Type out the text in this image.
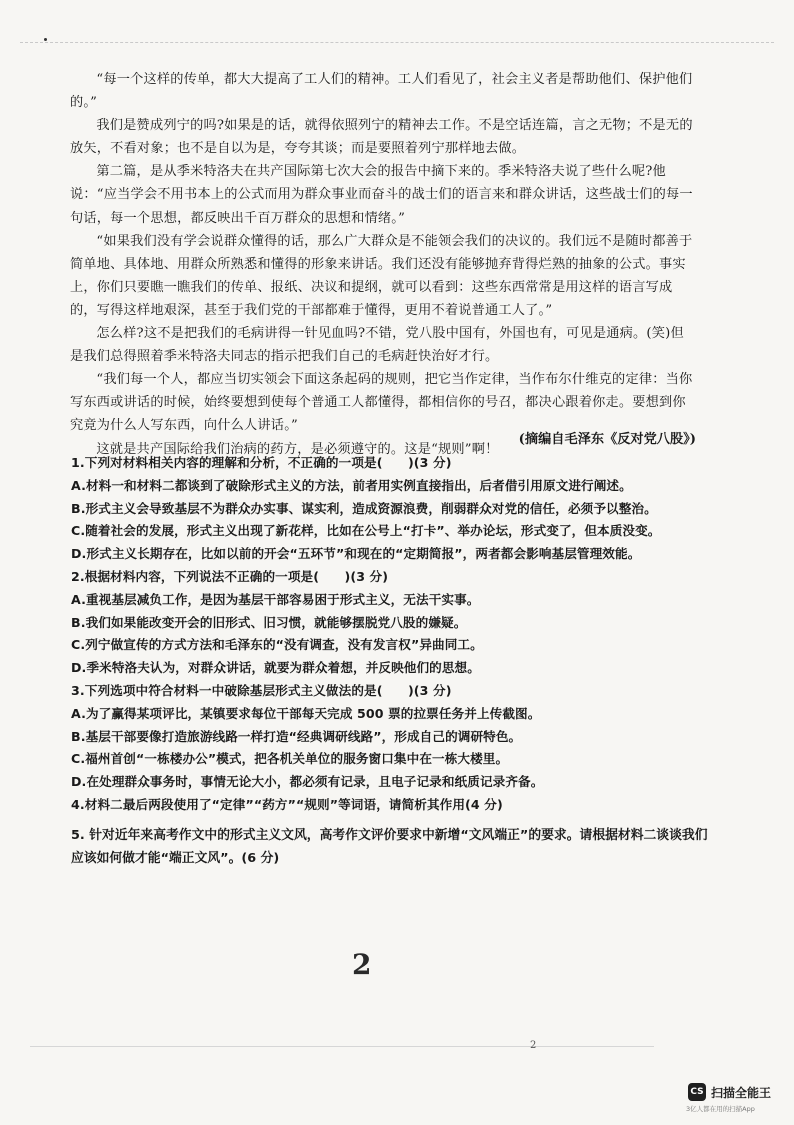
“每一个这样的传单，都大大提高了工人们的精神。工人们看见了，社会主义者是帮助他们、保护他们的。”

我们是赞成列宁的吗?如果是的话，就得依照列宁的精神去工作。不是空话连篇，言之无物；不是无的放矢，不看对象；也不是自以为是，夸夸其谈；而是要照着列宁那样地去做。

第二篇，是从季米特洛夫在共产国际第七次大会的报告中摘下来的。季米特洛夫说了些什么呢?他说：“应当学会不用书本上的公式而用为群众事业而奋斗的战士们的语言来和群众讲话，这些战士们的每一句话，每一个思想，都反映出千百万群众的思想和情绪。”

“如果我们没有学会说群众懂得的话，那么广大群众是不能领会我们的决议的。我们远不是随时都善于简单地、具体地、用群众所熟悉和懂得的形象来讲话。我们还没有能够抛弃背得烂熟的抽象的公式。事实上，你们只要瞧一瞧我们的传单、报纸、决议和提纲，就可以看到：这些东西常常是用这样的语言写成的，写得这样地艰深，甚至于我们党的干部都难于懂得，更用不着说普通工人了。”

怎么样?这不是把我们的毛病讲得一针见血吗?不错，党八股中国有，外国也有，可见是通病。(笑)但是我们总得照着季米特洛夫同志的指示把我们自己的毛病赶快治好才行。

“我们每一个人，都应当切实领会下面这条起码的规则，把它当作定律，当作布尔什维克的定律：当你写东西或讲话的时候，始终要想到使每个普通工人都懂得，都相信你的号召，都决心跟着你走。要想到你究竟为什么人写东西，向什么人讲话。”

这就是共产国际给我们治病的药方，是必须遵守的。这是“规则”啊！

(摘编自毛泽东《反对党八股》)

1.下列对材料相关内容的理解和分析，不正确的一项是(　　)(3 分)

A.材料一和材料二都谈到了破除形式主义的方法，前者用实例直接指出，后者借引用原文进行阐述。

B.形式主义会导致基层不为群众办实事、谋实利，造成资源浪费，削弱群众对党的信任，必须予以整治。

C.随着社会的发展，形式主义出现了新花样，比如在公号上“打卡”、举办论坛，形式变了，但本质没变。

D.形式主义长期存在，比如以前的开会“五环节”和现在的“定期简报”，两者都会影响基层管理效能。

2.根据材料内容，下列说法不正确的一项是(　　)(3 分)

A.重视基层减负工作，是因为基层干部容易困于形式主义，无法干实事。

B.我们如果能改变开会的旧形式、旧习惯，就能够摆脱党八股的嫌疑。

C.列宁做宣传的方式方法和毛泽东的“没有调查，没有发言权”异曲同工。

D.季米特洛夫认为，对群众讲话，就要为群众着想，并反映他们的思想。

3.下列选项中符合材料一中破除基层形式主义做法的是(　　)(3 分)

A.为了赢得某项评比，某镇要求每位干部每天完成 500 票的拉票任务并上传截图。

B.基层干部要像打造旅游线路一样打造“经典调研线路”，形成自己的调研特色。

C.福州首创“一栋楼办公”模式，把各机关单位的服务窗口集中在一栋大楼里。

D.在处理群众事务时，事情无论大小，都必须有记录，且电子记录和纸质记录齐备。

4.材料二最后两段使用了“定律”“药方”“规则”等词语，请简析其作用(4 分)

5. 针对近年来高考作文中的形式主义文风，高考作文评价要求中新增“文风端正”的要求。请根据材料二谈谈我们应该如何做才能“端正文风”。(6 分)
2
2
CS 扫描全能王
3亿人都在用的扫描App
